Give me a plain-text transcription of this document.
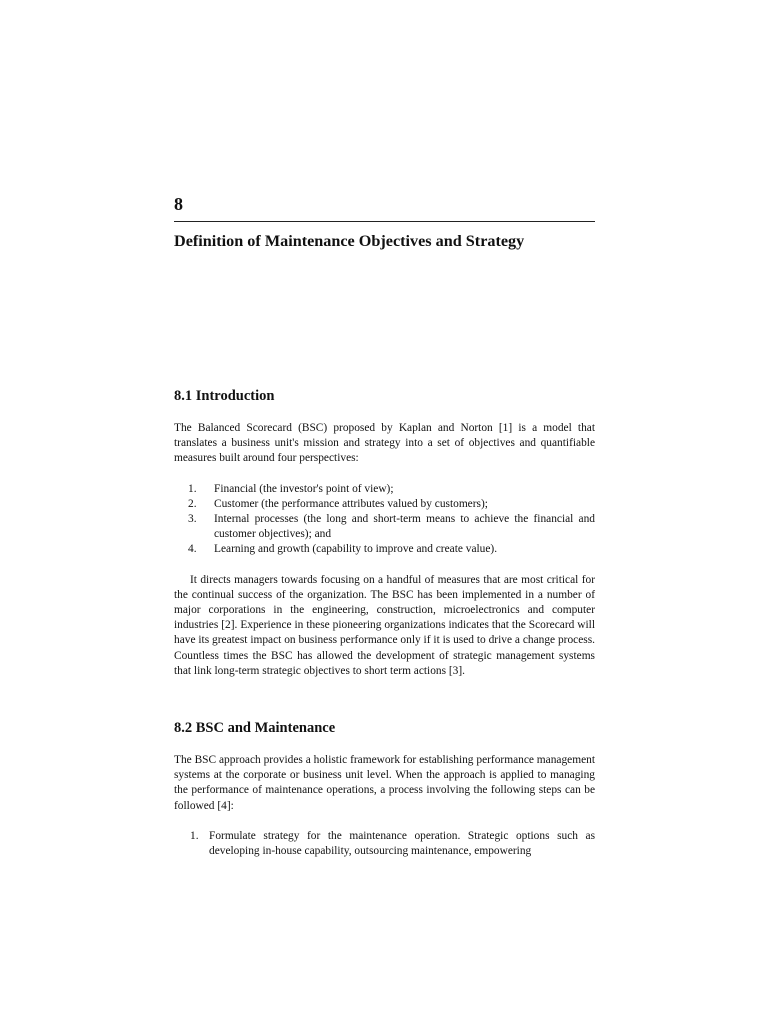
8
Definition of Maintenance Objectives and Strategy
8.1 Introduction

The Balanced Scorecard (BSC) proposed by Kaplan and Norton [1] is a model that translates a business unit's mission and strategy into a set of objectives and quantifiable measures built around four perspectives:

1. Financial (the investor's point of view);
2. Customer (the performance attributes valued by customers);
3. Internal processes (the long and short-term means to achieve the financial and customer objectives); and
4. Learning and growth (capability to improve and create value).

It directs managers towards focusing on a handful of measures that are most critical for the continual success of the organization. The BSC has been implemented in a number of major corporations in the engineering, construction, microelectronics and computer industries [2]. Experience in these pioneering organizations indicates that the Scorecard will have its greatest impact on business performance only if it is used to drive a change process. Countless times the BSC has allowed the development of strategic management systems that link long-term strategic objectives to short term actions [3].

8.2 BSC and Maintenance

The BSC approach provides a holistic framework for establishing performance management systems at the corporate or business unit level. When the approach is applied to managing the performance of maintenance operations, a process involving the following steps can be followed [4]:

1. Formulate strategy for the maintenance operation. Strategic options such as developing in-house capability, outsourcing maintenance, empowering
